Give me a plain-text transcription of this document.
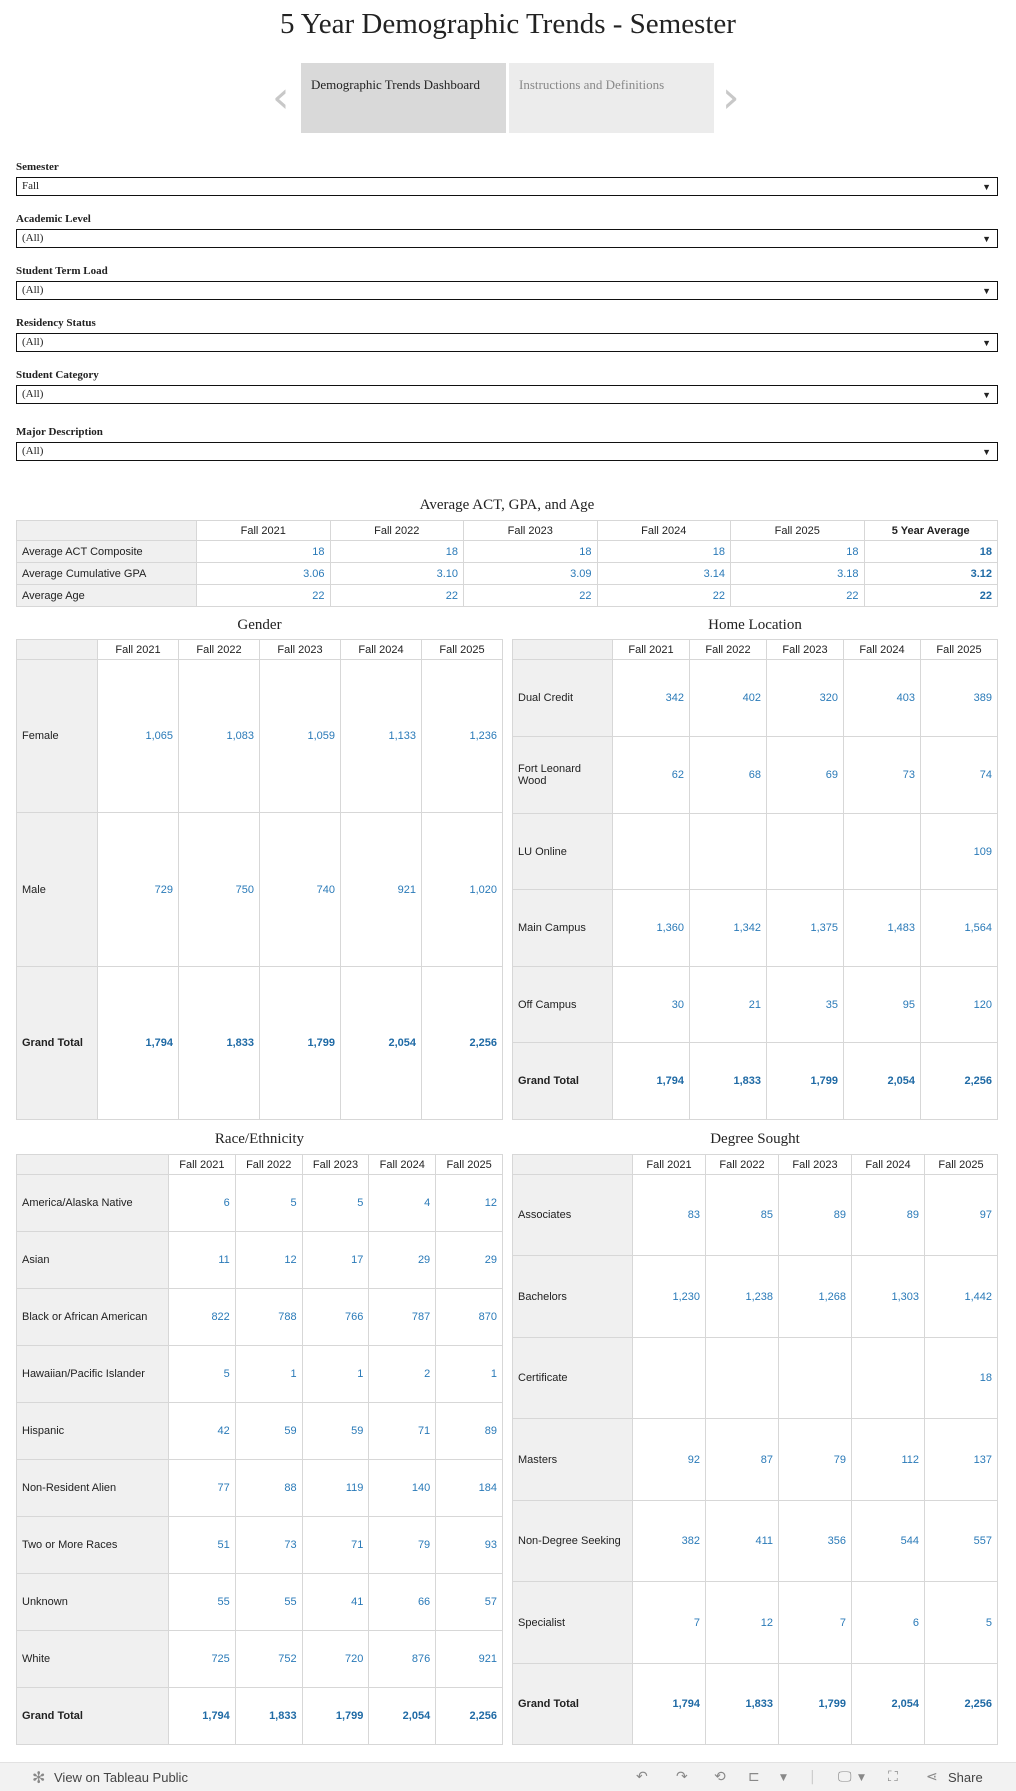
5 Year Demographic Trends - Semester
‹	Demographic Trends Dashboard	Instructions and Definitions	›
Semester
Fall	▼
Academic Level
(All)	▼
Student Term Load
(All)	▼
Residency Status
(All)	▼
Student Category
(All)	▼
Major Description
(All)	▼
Average ACT, GPA, and Age
	Fall 2021	Fall 2022	Fall 2023	Fall 2024	Fall 2025	5 Year Average
Average ACT Composite	18	18	18	18	18	18
Average Cumulative GPA	3.06	3.10	3.09	3.14	3.18	3.12
Average Age	22	22	22	22	22	22
Gender
	Fall 2021	Fall 2022	Fall 2023	Fall 2024	Fall 2025
Female	1,065	1,083	1,059	1,133	1,236
Male	729	750	740	921	1,020
Grand Total	1,794	1,833	1,799	2,054	2,256
Home Location
	Fall 2021	Fall 2022	Fall 2023	Fall 2024	Fall 2025
Dual Credit	342	402	320	403	389
Fort Leonard Wood	62	68	69	73	74
LU Online					109
Main Campus	1,360	1,342	1,375	1,483	1,564
Off Campus	30	21	35	95	120
Grand Total	1,794	1,833	1,799	2,054	2,256
Race/Ethnicity
	Fall 2021	Fall 2022	Fall 2023	Fall 2024	Fall 2025
America/Alaska Native	6	5	5	4	12
Asian	11	12	17	29	29
Black or African American	822	788	766	787	870
Hawaiian/Pacific Islander	5	1	1	2	1
Hispanic	42	59	59	71	89
Non-Resident Alien	77	88	119	140	184
Two or More Races	51	73	71	79	93
Unknown	55	55	41	66	57
White	725	752	720	876	921
Grand Total	1,794	1,833	1,799	2,054	2,256
Degree Sought
	Fall 2021	Fall 2022	Fall 2023	Fall 2024	Fall 2025
Associates	83	85	89	89	97
Bachelors	1,230	1,238	1,268	1,303	1,442
Certificate					18
Masters	92	87	79	112	137
Non-Degree Seeking	382	411	356	544	557
Specialist	7	12	7	6	5
Grand Total	1,794	1,833	1,799	2,054	2,256
✻ View on Tableau Public	↶ ↷ ⟲ ⊏ ▼ | 🖵 ▼ ⛶ ⋖ Share
